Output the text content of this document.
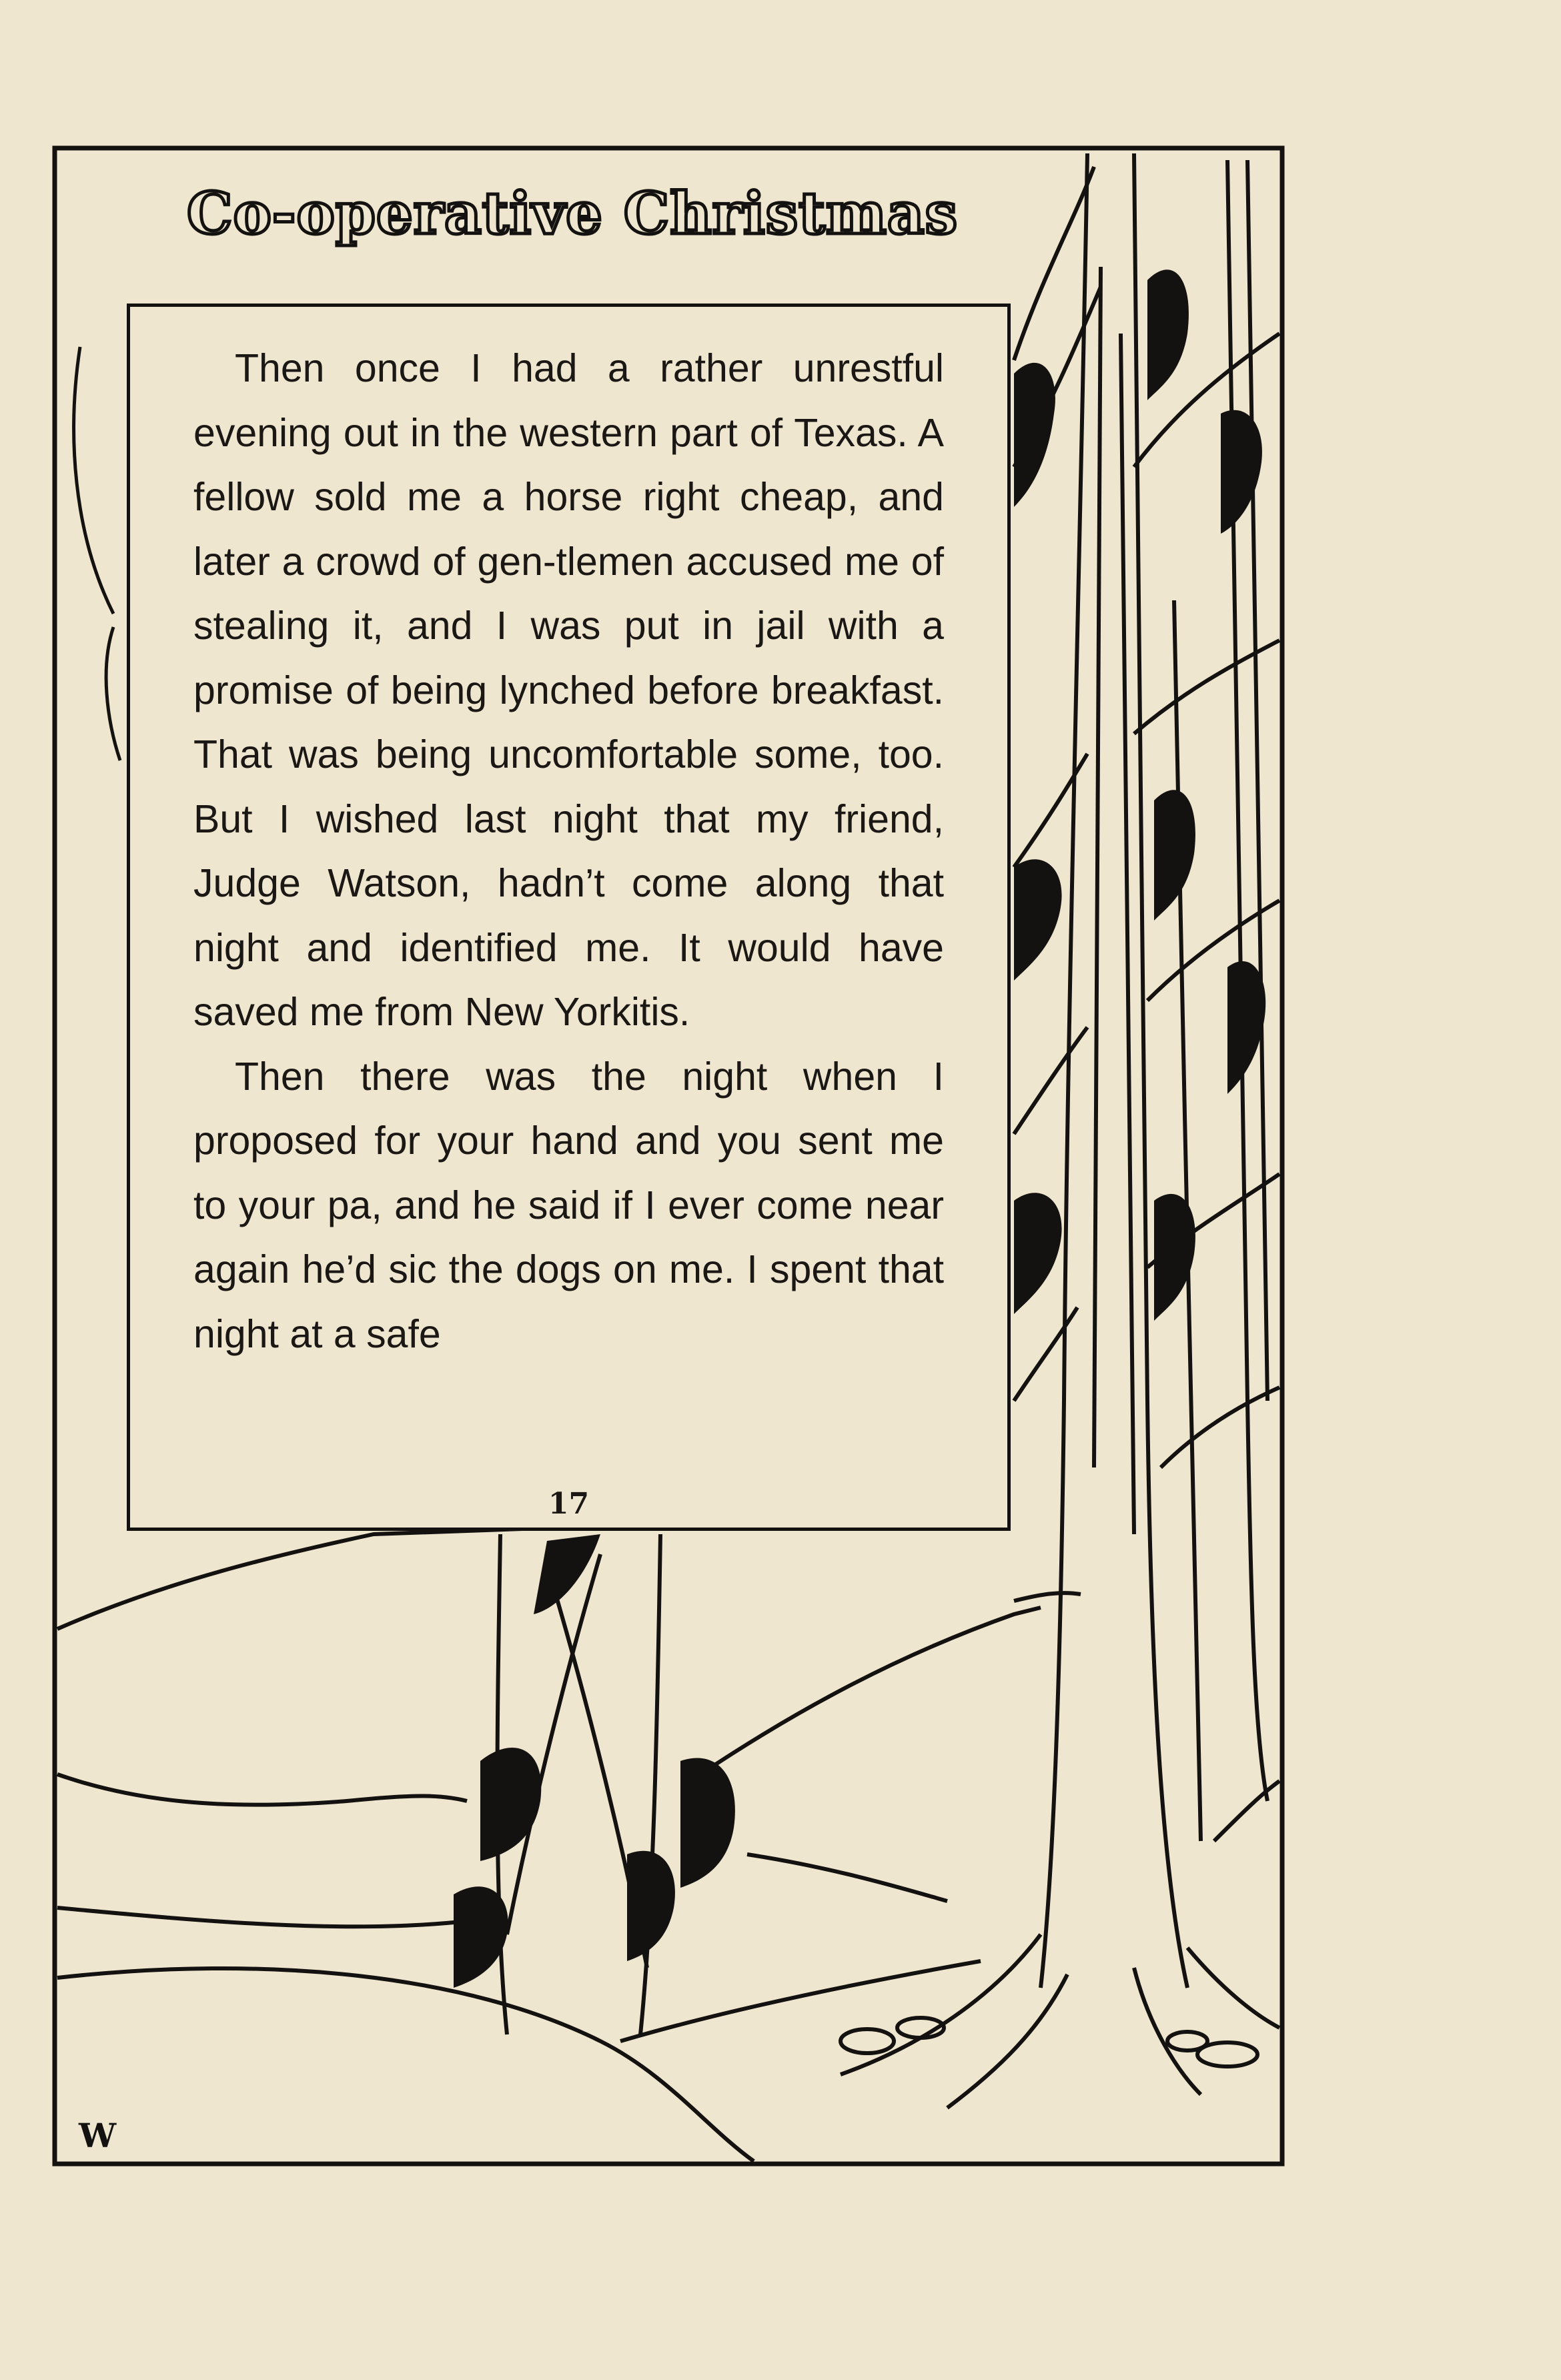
Co-operative Christmas

Then once I had a rather unrestful evening out in the western part of Texas. A fellow sold me a horse right cheap, and later a crowd of gen-tlemen accused me of stealing it, and I was put in jail with a promise of being lynched before breakfast. That was being uncomfortable some, too. But I wished last night that my friend, Judge Watson, hadn’t come along that night and identified me. It would have saved me from New Yorkitis.

Then there was the night when I proposed for your hand and you sent me to your pa, and he said if I ever come near again he’d sic the dogs on me. I spent that night at a safe

17
W
